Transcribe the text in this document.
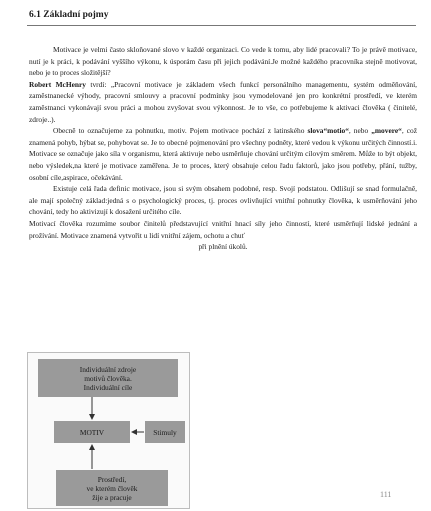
6.1 Základní pojmy

Motivace je velmi často skloňované slovo v každé organizaci. Co vede k tomu, aby lidé pracovali? To je právě motivace, nutí je k práci, k podávání vyššího výkonu, k úsporám času při jejich podávání.Je možné každého pracovníka stejně motivovat, nebo je to proces složitější?

Robert McHenry tvrdí: „Pracovní motivace je základem všech funkcí personálního managementu, systém odměňování, zaměstnanecké výhody, pracovní smlouvy a pracovní podmínky jsou vymodelované jen pro konkrétní prostředí, ve kterém zaměstnanci vykonávají svou práci a mohou zvyšovat svou výkonnost. Je to vše, co potřebujeme k aktivaci člověka ( činitelé, zdroje..).

Obecně to označujeme za pohnutku, motiv. Pojem motivace pochází z latinského slova“motio“, nebo „movere“, což znamená pohyb, hýbat se, pohybovat se. Je to obecné pojmenování pro všechny podněty, které vedou k výkonu určitých činností.i. Motivace se označuje jako síla v organismu, která aktivuje nebo usměrňuje chování určitým cílovým směrem. Může to být objekt, nebo výsledek,na které je motivace zaměřena. Je to proces, který obsahuje celou řadu faktorů, jako jsou potřeby, přání, tužby, osobní cíle,aspirace, očekávání.

Existuje celá řada definic motivace, jsou si svým obsahem podobné, resp. Svojí podstatou. Odlišují se snad formulačně, ale mají společný základ:jedná s o psychologický proces, tj. proces ovlivňující vnitřní pohnutky člověka, k usměrňování jeho chování, tedy ho aktivizují k dosažení určitého cíle.

Motivací člověka rozumíme soubor činitelů představující vnitřní hnací síly jeho činností, které usměrňují lidské jednání a prožívání. Motivace znamená vytvořit u lidí vnitřní zájem, ochotu a chuť

při plnění úkolů.

Individuální zdroje
motivů člověka.
Individuální cíle
MOTIV	Stimuly
Prostředí,
ve kterém člověk
žije a pracuje	111
